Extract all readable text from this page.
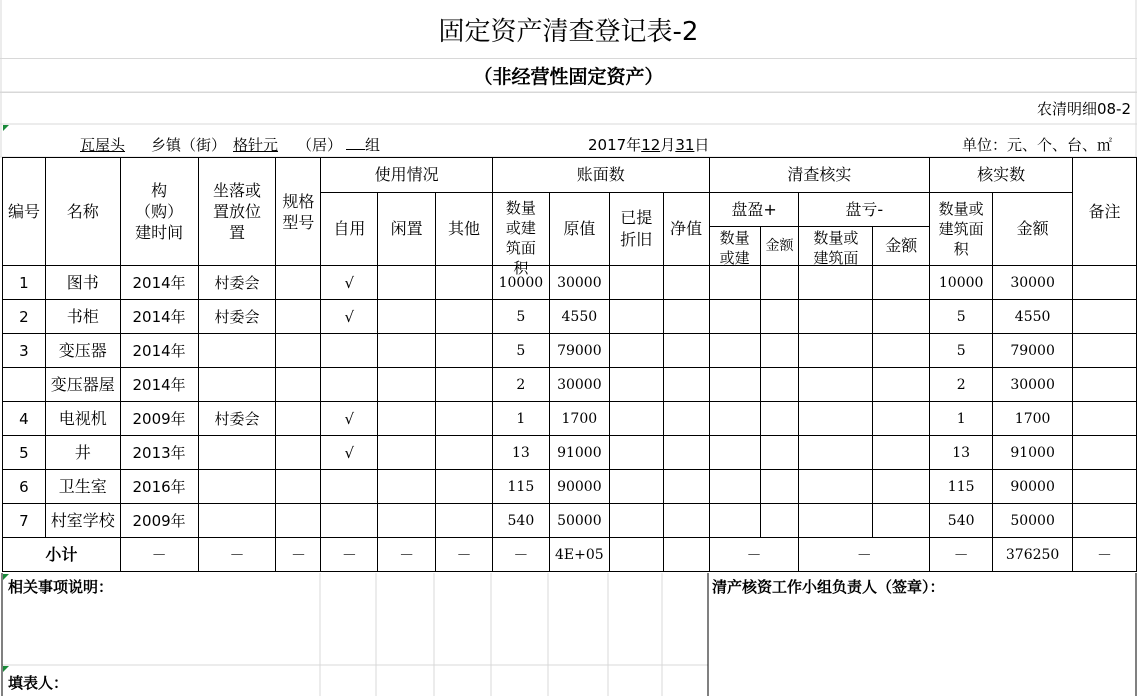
固定资产清查登记表-2
（非经营性固定资产）
农清明细08-2
瓦屋头 乡镇（街） 格针元 （居）
组	2017年12月31日	单位：元、个、台、㎡
编号	名称	构（购）建时间	坐落或置放位置	规格型号	使用情况			账面数				清查核实				核实数		备注
					自用	闲置	其他	数量或建筑面积	原值	已提折旧	净值	盘盈+		盘亏-		数量或建筑面积	金额	

												数量或建	金额	数量或建筑面	金额			
1	图书	2014年	村委会		√			10000	30000							10000	30000	
2	书柜	2014年	村委会		√			5	4550							5	4550	
3	变压器	2014年						5	79000							5	79000	
	变压器屋	2014年						2	30000							2	30000	
4	电视机	2009年	村委会		√			1	1700							1	1700	
5	井	2013年			√			13	91000							13	91000	
6	卫生室	2016年						115	90000							115	90000	
7	村室学校	2009年						540	50000							540	50000	
小计		－	－	－	－	－	－	－	4E+05			－		－		－	376250	－
相关事项说明：	清产核资工作小组负责人（签章）：
填表人：
